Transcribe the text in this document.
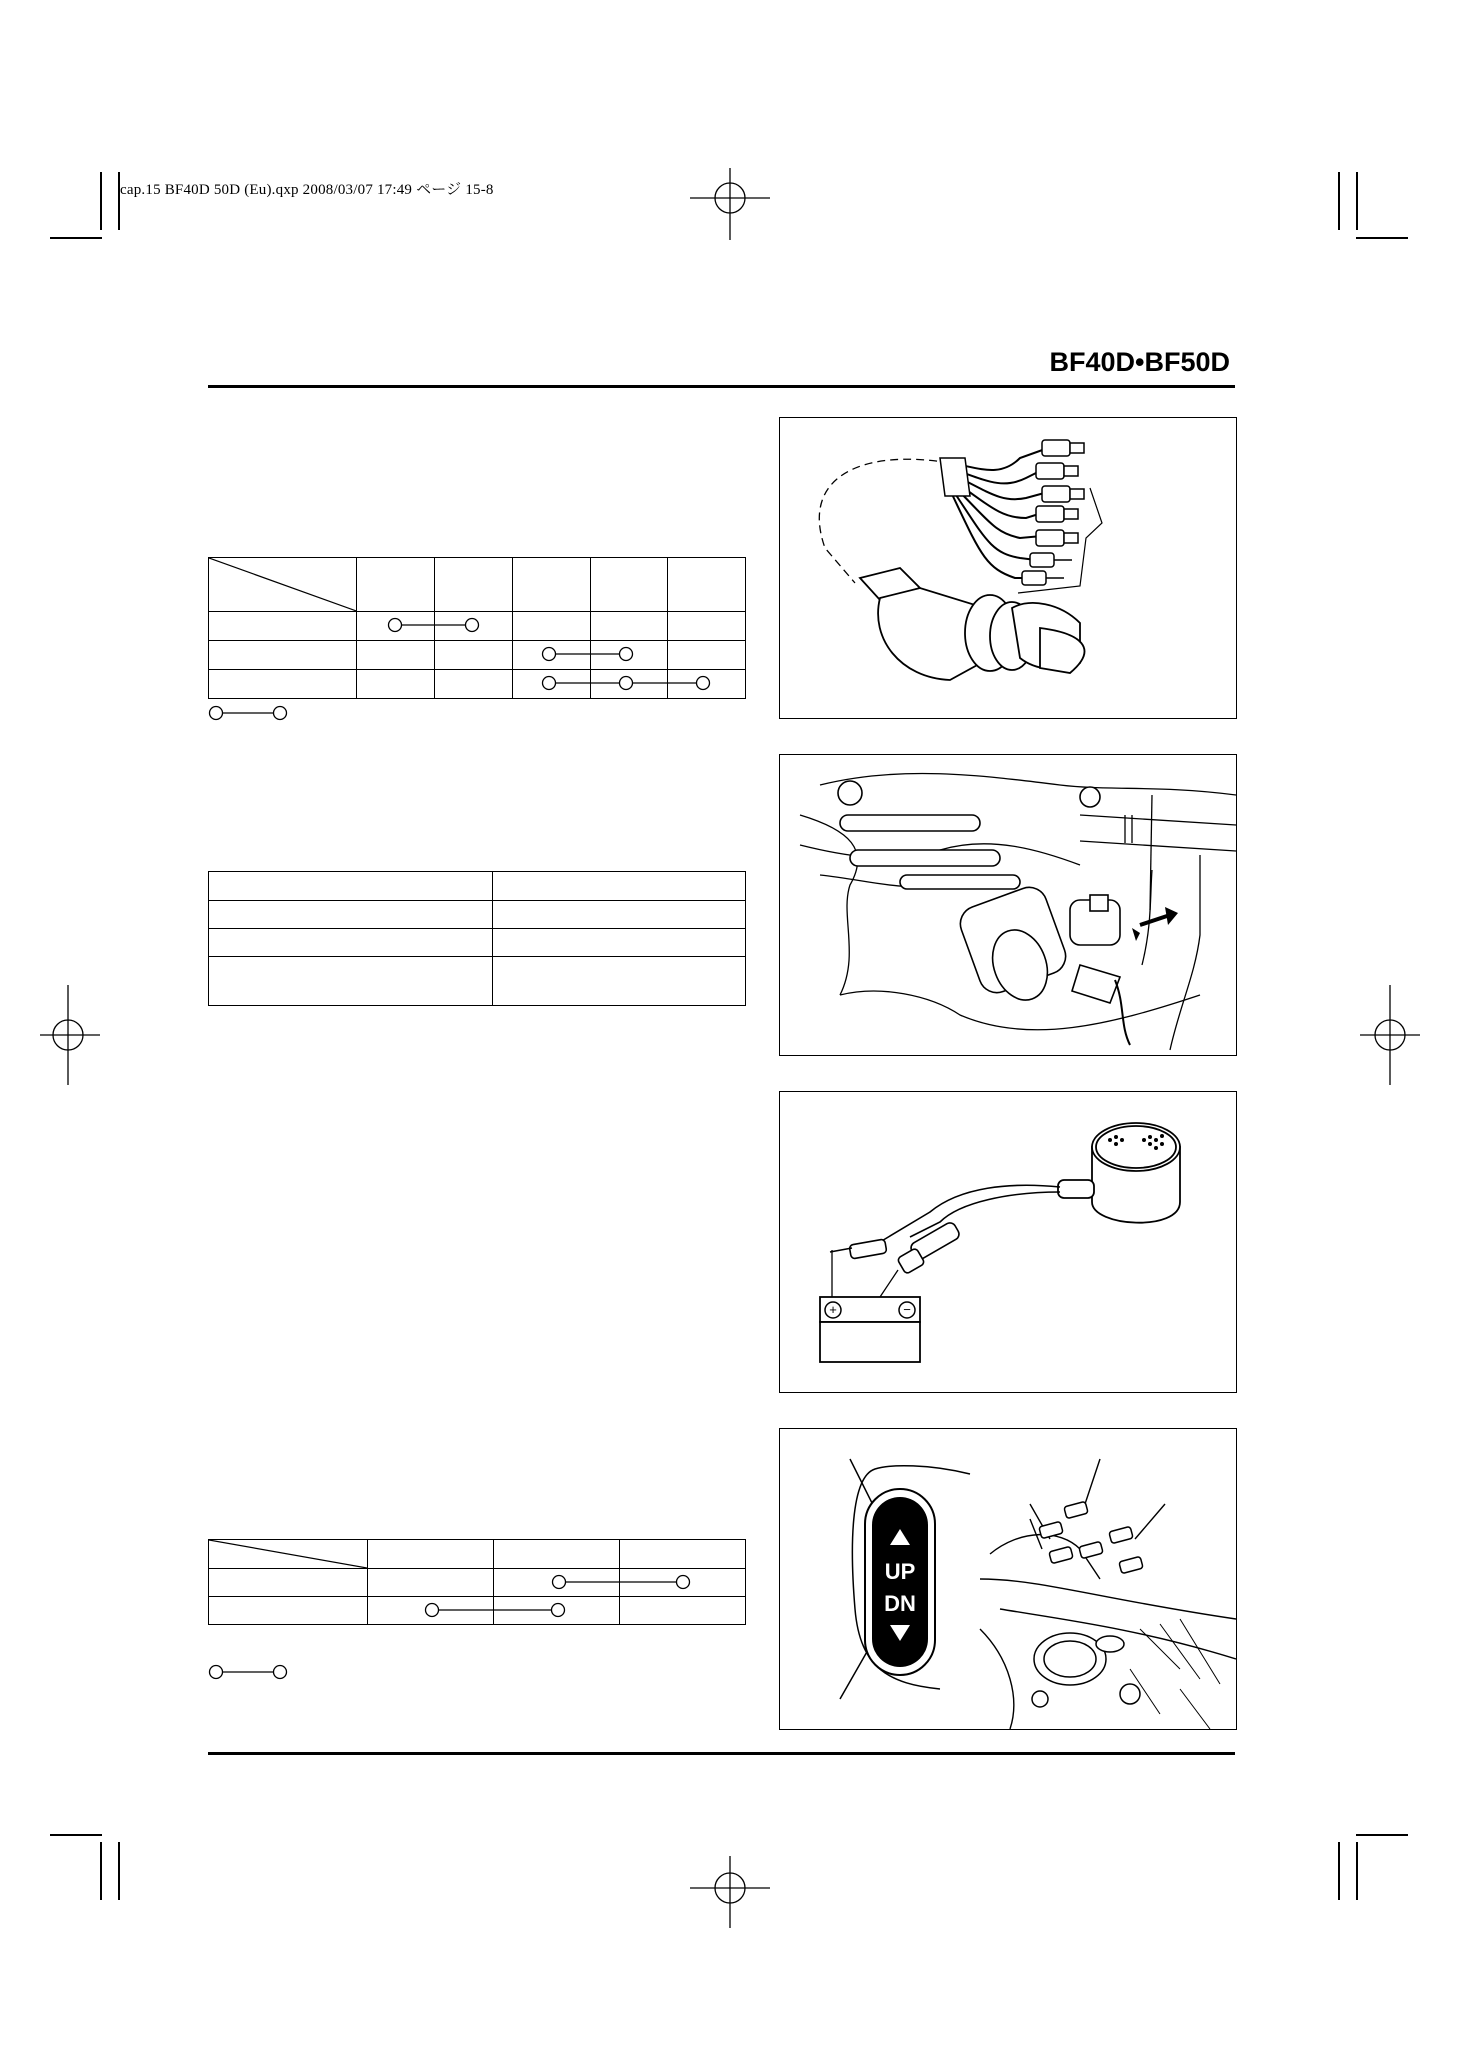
cap.15 BF40D 50D (Eu).qxp 2008/03/07 17:49 ページ 15-8
BF40D•BF50D

+	−
UP
DN
